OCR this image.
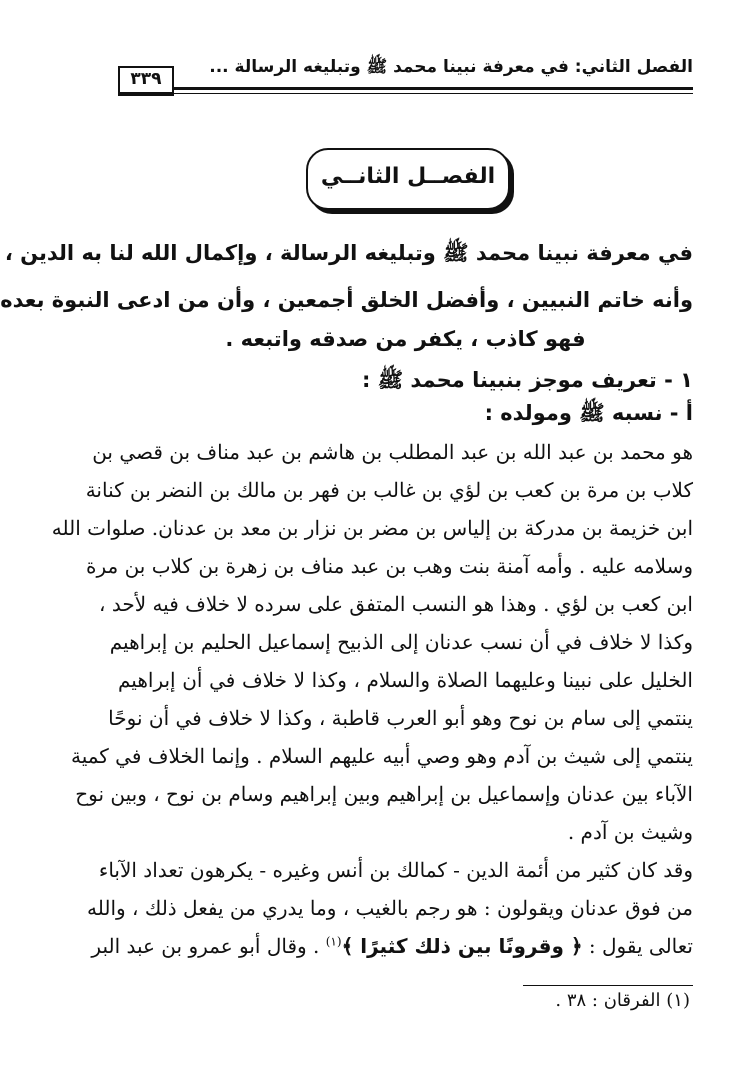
٣٣٩
الفصل الثاني: في معرفة نبينا محمد ﷺ وتبليغه الرسالة ...
الفصــل الثانــي
في معرفة نبينا محمد ﷺ وتبليغه الرسالة ، وإكمال الله لنا به الدين ،
وأنه خاتم النبيين ، وأفضل الخلق أجمعين ، وأن من ادعى النبوة بعده
فهو كاذب ، يكفر من صدقه واتبعه .
١ - تعريف موجز بنبينا محمد ﷺ :
أ - نسبه ﷺ ومولده :
هو محمد بن عبد الله بن عبد المطلب بن هاشم بن عبد مناف بن قصي بن
كلاب بن مرة بن كعب بن لؤي بن غالب بن فهر بن مالك بن النضر بن كنانة
ابن خزيمة بن مدركة بن إلياس بن مضر بن نزار بن معد بن عدنان. صلوات الله
وسلامه عليه . وأمه آمنة بنت وهب بن عبد مناف بن زهرة بن كلاب بن مرة
ابن كعب بن لؤي . وهذا هو النسب المتفق على سرده لا خلاف فيه لأحد ،
وكذا لا خلاف في أن نسب عدنان إلى الذبيح إسماعيل الحليم بن إبراهيم
الخليل على نبينا وعليهما الصلاة والسلام ، وكذا لا خلاف في أن إبراهيم
ينتمي إلى سام بن نوح وهو أبو العرب قاطبة ، وكذا لا خلاف في أن نوحًا
ينتمي إلى شيث بن آدم وهو وصي أبيه عليهم السلام . وإنما الخلاف في كمية
الآباء بين عدنان وإسماعيل بن إبراهيم وبين إبراهيم وسام بن نوح ، وبين نوح
وشيث بن آدم .
وقد كان كثير من أئمة الدين - كمالك بن أنس وغيره - يكرهون تعداد الآباء
من فوق عدنان ويقولون : هو رجم بالغيب ، وما يدري من يفعل ذلك ، والله
تعالى يقول : ﴿ وقرونًا بين ذلك كثيرًا ﴾$^{(١)}$ . وقال أبو عمرو بن عبد البر
(١) الفرقان : ٣٨ .
